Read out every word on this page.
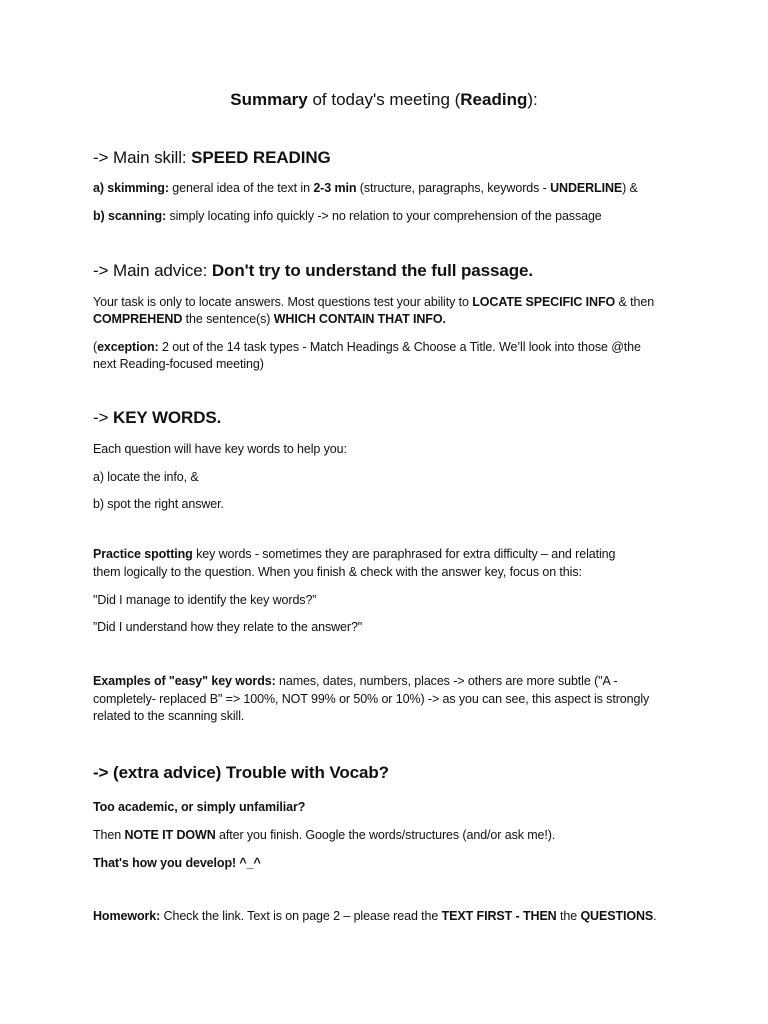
Summary of today's meeting (Reading):
-> Main skill: SPEED READING
a) skimming: general idea of the text in 2-3 min (structure, paragraphs, keywords - UNDERLINE) &
b) scanning: simply locating info quickly -> no relation to your comprehension of the passage
-> Main advice: Don't try to understand the full passage.
Your task is only to locate answers. Most questions test your ability to LOCATE SPECIFIC INFO & then
COMPREHEND the sentence(s) WHICH CONTAIN THAT INFO.
(exception: 2 out of the 14 task types - Match Headings & Choose a Title. We’ll look into those @the
next Reading-focused meeting)
-> KEY WORDS.
Each question will have key words to help you:
a) locate the info, &
b) spot the right answer.
Practice spotting key words - sometimes they are paraphrased for extra difficulty – and relating
them logically to the question. When you finish & check with the answer key, focus on this:
"Did I manage to identify the key words?”
”Did I understand how they relate to the answer?"
Examples of "easy" key words: names, dates, numbers, places -> others are more subtle ("A -
completely- replaced B" => 100%, NOT 99% or 50% or 10%) -> as you can see, this aspect is strongly
related to the scanning skill.
-> (extra advice) Trouble with Vocab?
Too academic, or simply unfamiliar?
Then NOTE IT DOWN after you finish. Google the words/structures (and/or ask me!).
That's how you develop! ^_^
Homework: Check the link. Text is on page 2 – please read the TEXT FIRST - THEN the QUESTIONS.
